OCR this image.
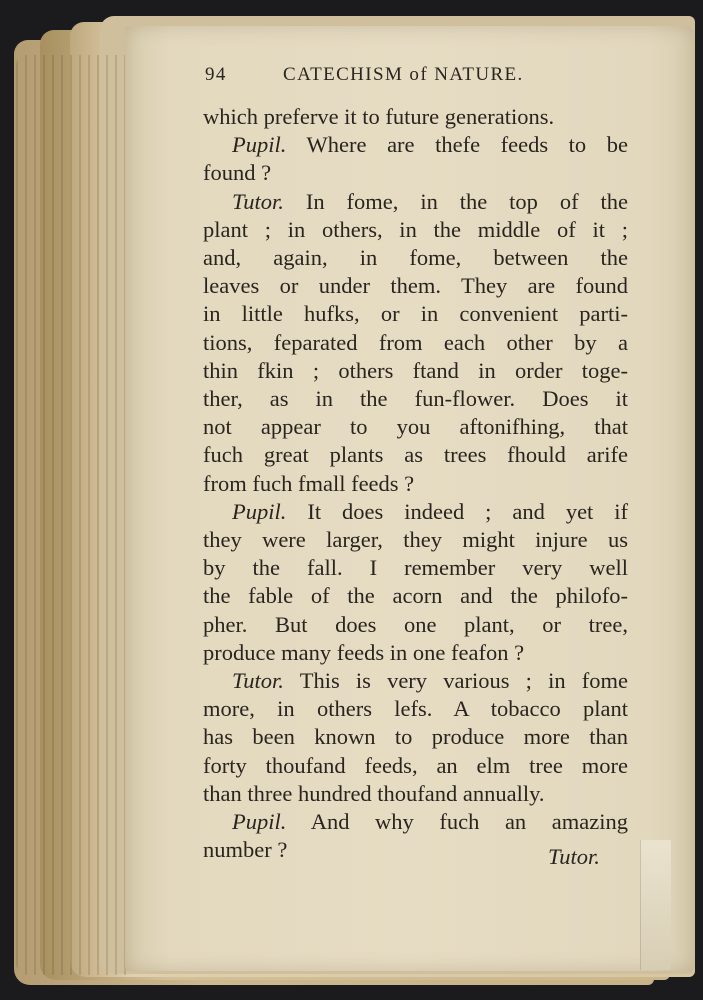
94	CATECHISM of NATURE.
which preferve it to future generations.
Pupil. Where are thefe feeds to be
found ?
Tutor. In fome, in the top of the
plant ; in others, in the middle of it ;
and, again, in fome, between the
leaves or under them. They are found
in little hufks, or in convenient parti-
tions, feparated from each other by a
thin fkin ; others ftand in order toge-
ther, as in the fun-flower. Does it
not appear to you aftonifhing, that
fuch great plants as trees fhould arife
from fuch fmall feeds ?
Pupil. It does indeed ; and yet if
they were larger, they might injure us
by the fall. I remember very well
the fable of the acorn and the philofo-
pher. But does one plant, or tree,
produce many feeds in one feafon ?
Tutor. This is very various ; in fome
more, in others lefs. A tobacco plant
has been known to produce more than
forty thoufand feeds, an elm tree more
than three hundred thoufand annually.
Pupil. And why fuch an amazing
number ?	Tutor.
